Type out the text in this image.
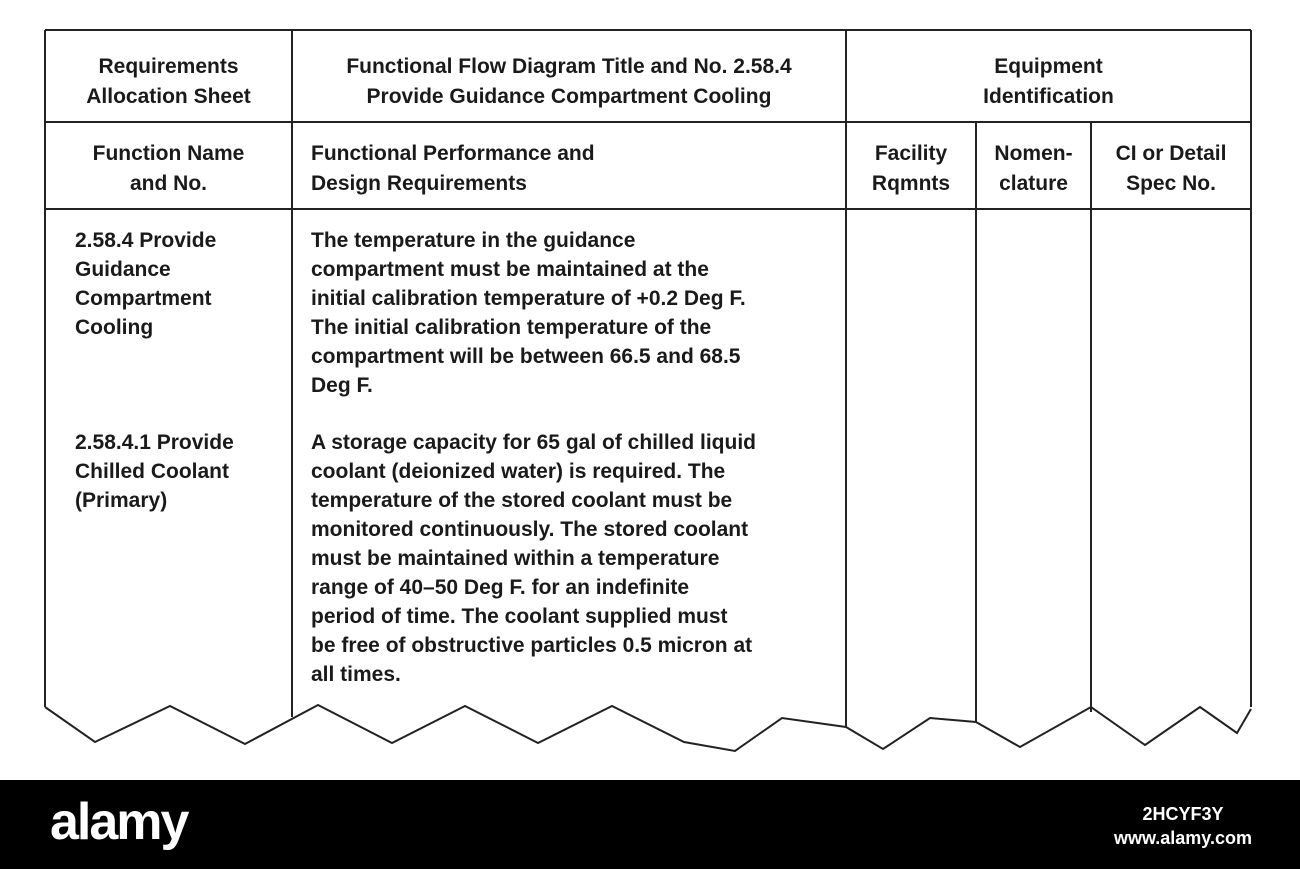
Requirements
Allocation Sheet
Functional Flow Diagram Title and No. 2.58.4
Provide Guidance Compartment Cooling
Equipment
Identification
Function Name
and No.
Functional Performance and
Design Requirements
Facility
Rqmnts
Nomen-
clature
CI or Detail
Spec No.
2.58.4 Provide
Guidance
Compartment
Cooling
The temperature in the guidance
compartment must be maintained at the
initial calibration temperature of +0.2 Deg F.
The initial calibration temperature of the
compartment will be between 66.5 and 68.5
Deg F.
2.58.4.1 Provide
Chilled Coolant
(Primary)
A storage capacity for 65 gal of chilled liquid
coolant (deionized water) is required. The
temperature of the stored coolant must be
monitored continuously. The stored coolant
must be maintained within a temperature
range of 40–50 Deg F. for an indefinite
period of time. The coolant supplied must
be free of obstructive particles 0.5 micron at
all times.
alamy	2HCYF3Y
www.alamy.com
